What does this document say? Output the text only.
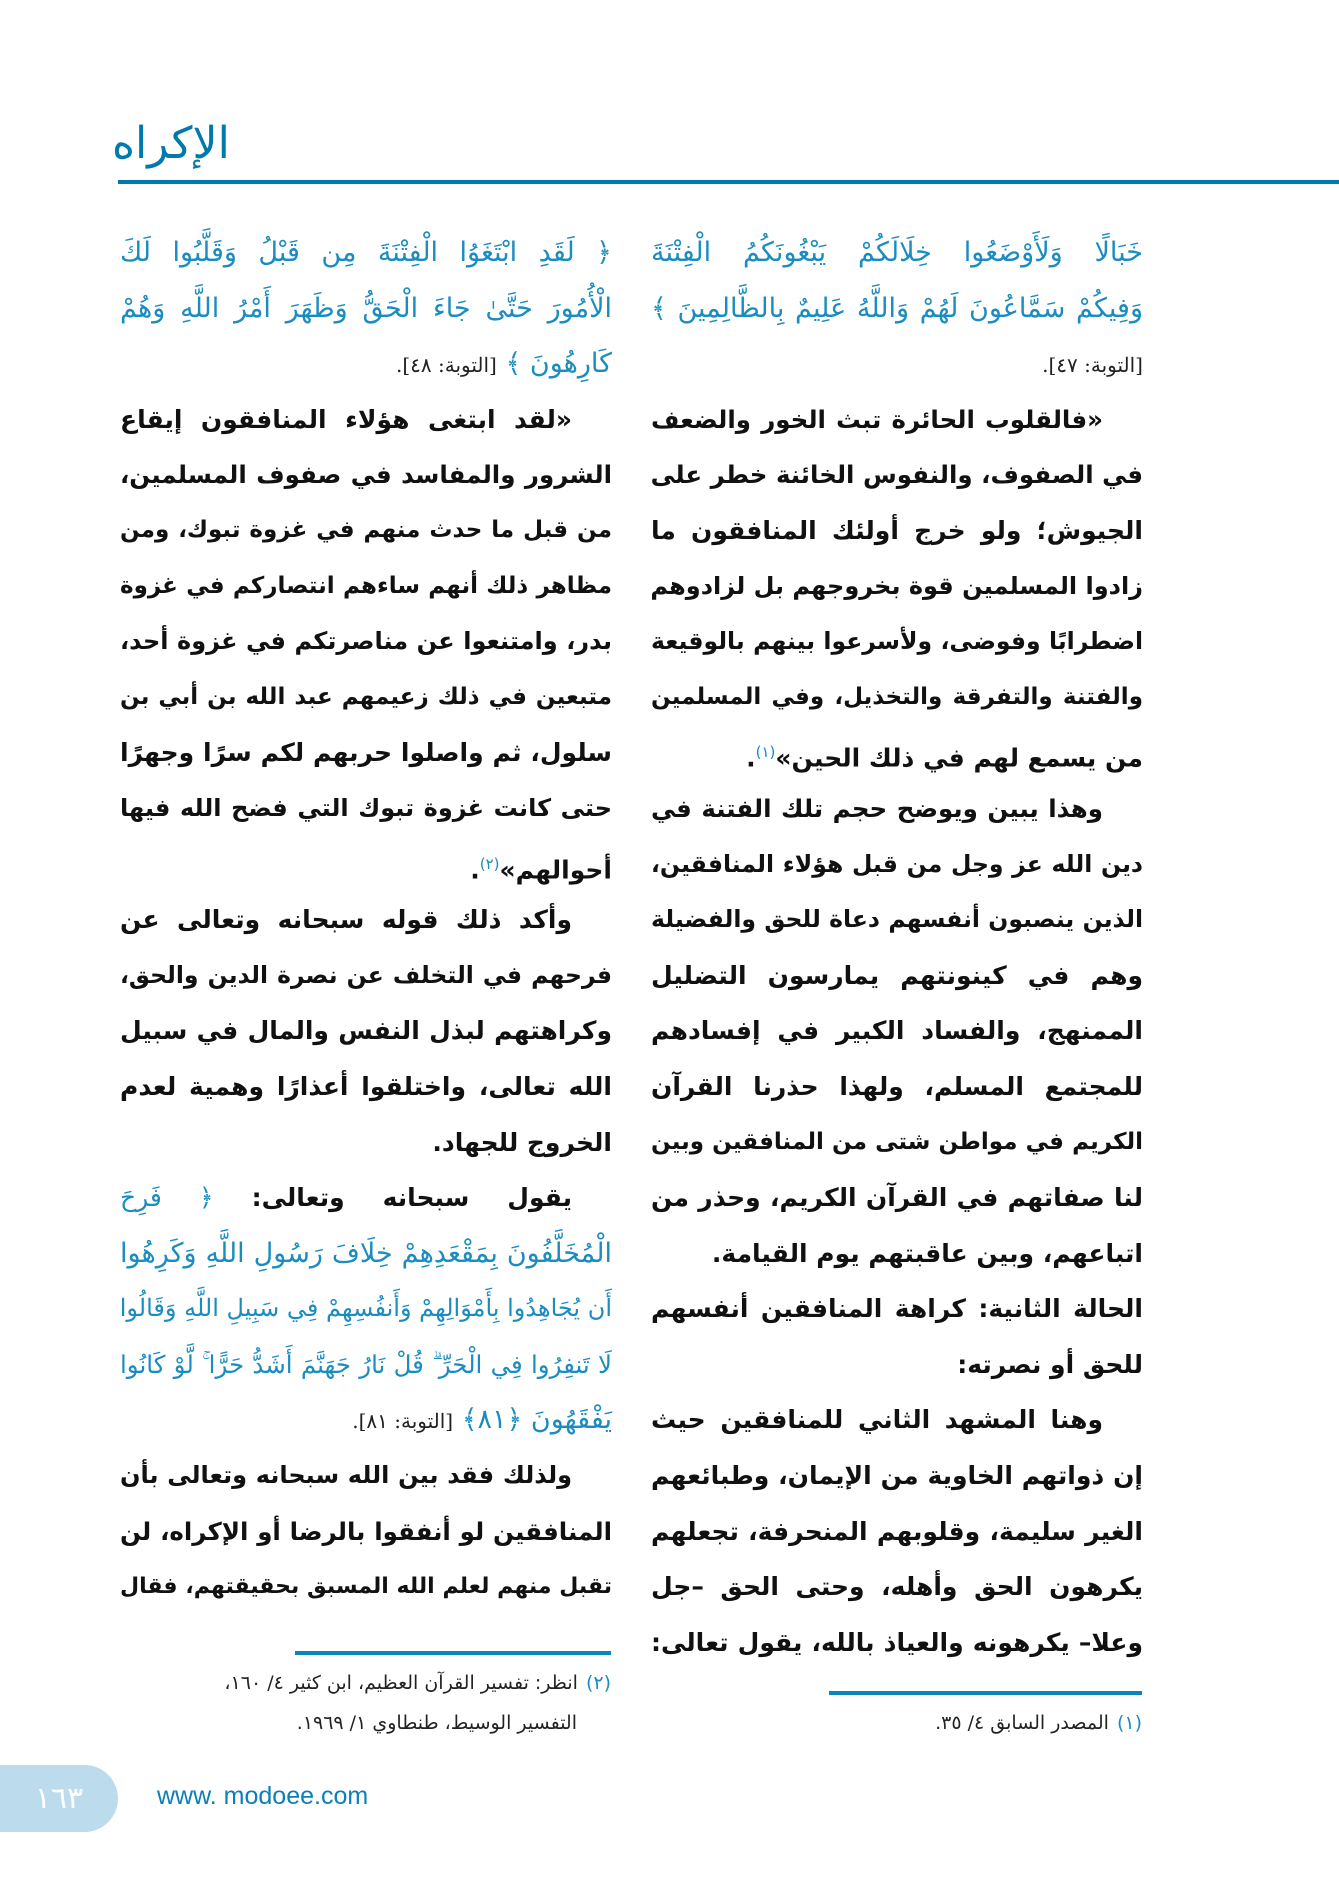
الإكراه
خَبَالًا وَلَأَوْضَعُوا خِلَالَكُمْ يَبْغُونَكُمُ الْفِتْنَةَ
وَفِيكُمْ سَمَّاعُونَ لَهُمْ وَاللَّهُ عَلِيمٌ بِالظَّالِمِينَ ﴾
[التوبة: ٤٧].
«فالقلوب الحائرة تبث الخور والضعف
في الصفوف، والنفوس الخائنة خطر على
الجيوش؛ ولو خرج أولئك المنافقون ما
زادوا المسلمين قوة بخروجهم بل لزادوهم
اضطرابًا وفوضى، ولأسرعوا بينهم بالوقيعة
والفتنة والتفرقة والتخذيل، وفي المسلمين
من يسمع لهم في ذلك الحين»$^{(١)}$.
وهذا يبين ويوضح حجم تلك الفتنة في
دين الله عز وجل من قبل هؤلاء المنافقين،
الذين ينصبون أنفسهم دعاة للحق والفضيلة
وهم في كينونتهم يمارسون التضليل
الممنهج، والفساد الكبير في إفسادهم
للمجتمع المسلم، ولهذا حذرنا القرآن
الكريم في مواطن شتى من المنافقين وبين
لنا صفاتهم في القرآن الكريم، وحذر من
اتباعهم، وبين عاقبتهم يوم القيامة.
الحالة الثانية: كراهة المنافقين أنفسهم
للحق أو نصرته:
وهنا المشهد الثاني للمنافقين حيث
إن ذواتهم الخاوية من الإيمان، وطبائعهم
الغير سليمة، وقلوبهم المنحرفة، تجعلهم
يكرهون الحق وأهله، وحتى الحق –جل
وعلا– يكرهونه والعياذ بالله، يقول تعالى:
﴿ لَقَدِ ابْتَغَوُا الْفِتْنَةَ مِن قَبْلُ وَقَلَّبُوا لَكَ
الْأُمُورَ حَتَّىٰ جَاءَ الْحَقُّ وَظَهَرَ أَمْرُ اللَّهِ وَهُمْ
كَارِهُونَ ﴾ [التوبة: ٤٨].
«لقد ابتغى هؤلاء المنافقون إيقاع
الشرور والمفاسد في صفوف المسلمين،
من قبل ما حدث منهم في غزوة تبوك، ومن
مظاهر ذلك أنهم ساءهم انتصاركم في غزوة
بدر، وامتنعوا عن مناصرتكم في غزوة أحد،
متبعين في ذلك زعيمهم عبد الله بن أبي بن
سلول، ثم واصلوا حربهم لكم سرًا وجهرًا
حتى كانت غزوة تبوك التي فضح الله فيها
أحوالهم»$^{(٢)}$.
وأكد ذلك قوله سبحانه وتعالى عن
فرحهم في التخلف عن نصرة الدين والحق،
وكراهتهم لبذل النفس والمال في سبيل
الله تعالى، واختلقوا أعذارًا وهمية لعدم
الخروج للجهاد.
يقول سبحانه وتعالى: ﴿ فَرِحَ
الْمُخَلَّفُونَ بِمَقْعَدِهِمْ خِلَافَ رَسُولِ اللَّهِ وَكَرِهُوا
أَن يُجَاهِدُوا بِأَمْوَالِهِمْ وَأَنفُسِهِمْ فِي سَبِيلِ اللَّهِ وَقَالُوا
لَا تَنفِرُوا فِي الْحَرِّ ۗ قُلْ نَارُ جَهَنَّمَ أَشَدُّ حَرًّا ۚ لَّوْ كَانُوا
يَفْقَهُونَ ﴿٨١﴾ [التوبة: ٨١].
ولذلك فقد بين الله سبحانه وتعالى بأن
المنافقين لو أنفقوا بالرضا أو الإكراه، لن
تقبل منهم لعلم الله المسبق بحقيقتهم، فقال
(١)المصدر السابق ٤/ ٣٥.
(٢)انظر: تفسير القرآن العظيم، ابن كثير ٤/ ١٦٠،
التفسير الوسيط، طنطاوي ١/ ١٩٦٩.
١٦٣	www. modoee.com
